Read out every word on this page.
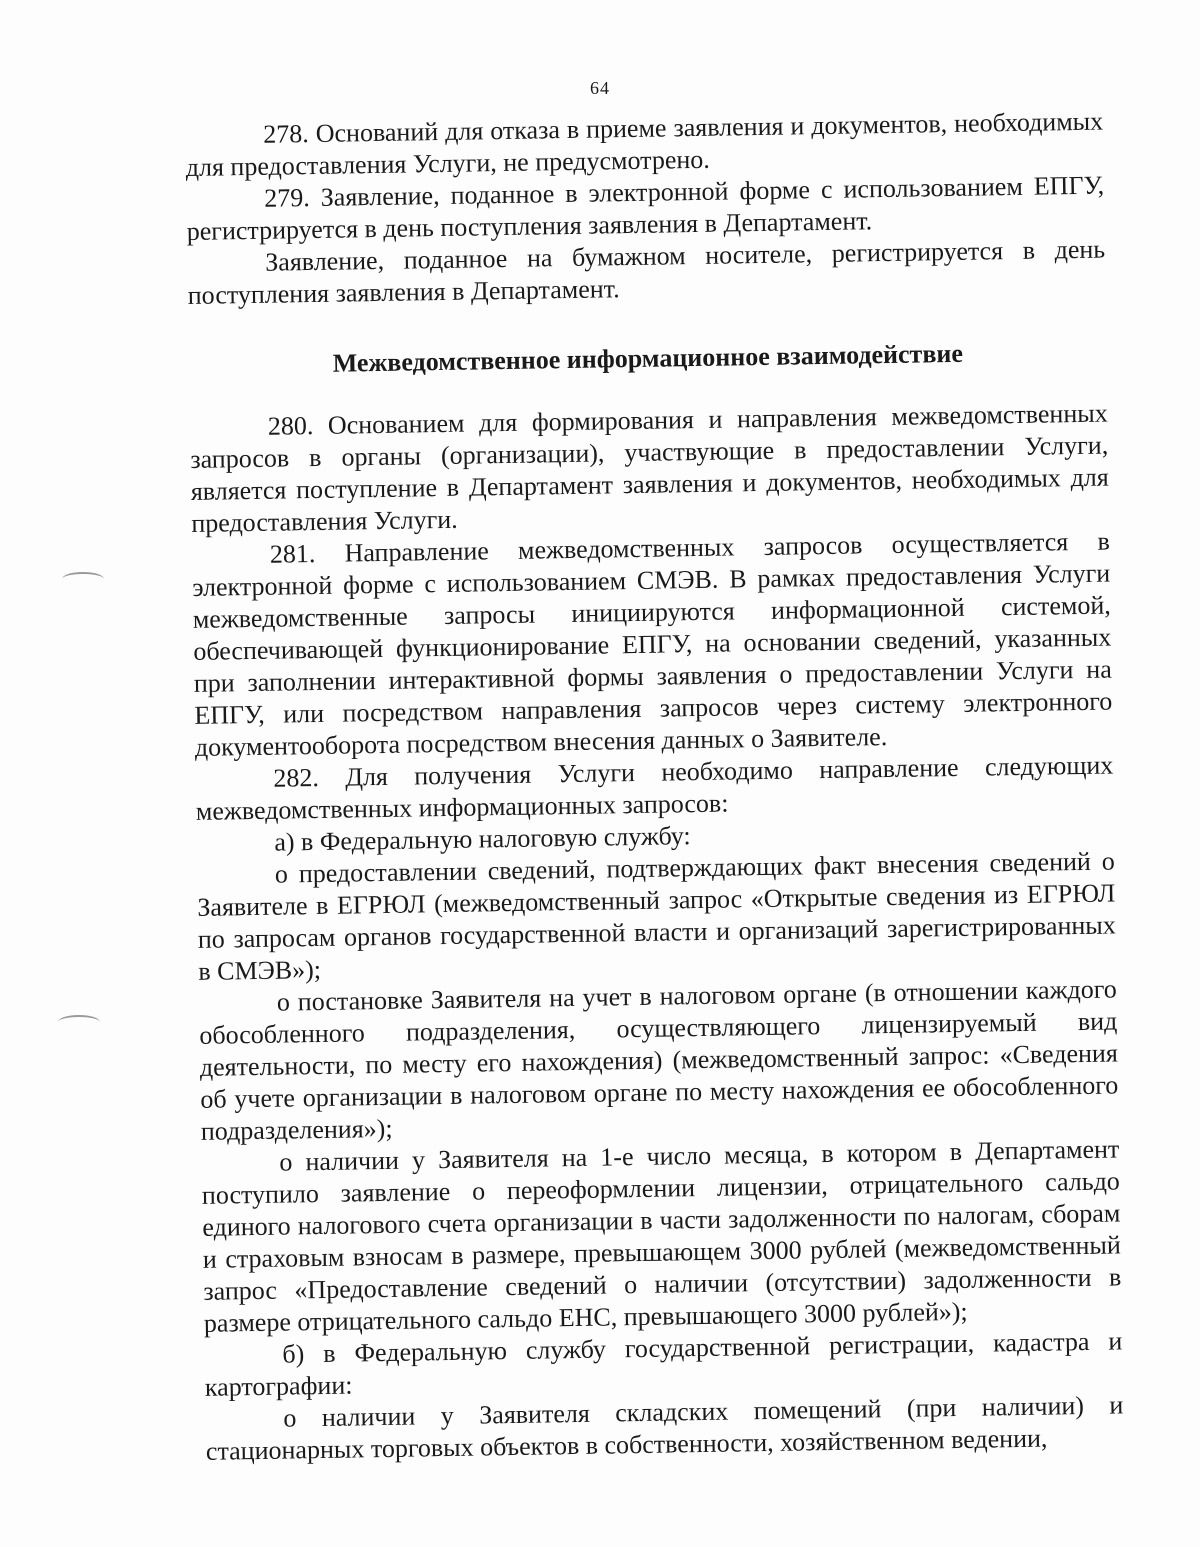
64

278. Оснований для отказа в приеме заявления и документов, необходимых для предоставления Услуги, не предусмотрено.

279. Заявление, поданное в электронной форме с использованием ЕПГУ, регистрируется в день поступления заявления в Департамент.

Заявление, поданное на бумажном носителе, регистрируется в день поступления заявления в Департамент.

Межведомственное информационное взаимодействие

280. Основанием для формирования и направления межведомственных запросов в органы (организации), участвующие в предоставлении Услуги, является поступление в Департамент заявления и документов, необходимых для предоставления Услуги.

281. Направление межведомственных запросов осуществляется в электронной форме с использованием СМЭВ. В рамках предоставления Услуги межведомственные запросы инициируются информационной системой, обеспечивающей функционирование ЕПГУ, на основании сведений, указанных при заполнении интерактивной формы заявления о предоставлении Услуги на ЕПГУ, или посредством направления запросов через систему электронного документооборота посредством внесения данных о Заявителе.

282. Для получения Услуги необходимо направление следующих межведомственных информационных запросов:

а) в Федеральную налоговую службу:

о предоставлении сведений, подтверждающих факт внесения сведений о Заявителе в ЕГРЮЛ (межведомственный запрос «Открытые сведения из ЕГРЮЛ по запросам органов государственной власти и организаций зарегистрированных в СМЭВ»);

о постановке Заявителя на учет в налоговом органе (в отношении каждого обособленного подразделения, осуществляющего лицензируемый вид деятельности, по месту его нахождения) (межведомственный запрос: «Сведения об учете организации в налоговом органе по месту нахождения ее обособленного подразделения»);

о наличии у Заявителя на 1-е число месяца, в котором в Департамент поступило заявление о переоформлении лицензии, отрицательного сальдо единого налогового счета организации в части задолженности по налогам, сборам и страховым взносам в размере, превышающем 3000 рублей (межведомственный запрос «Предоставление сведений о наличии (отсутствии) задолженности в размере отрицательного сальдо ЕНС, превышающего 3000 рублей»);

б) в Федеральную службу государственной регистрации, кадастра и картографии:

о наличии у Заявителя складских помещений (при наличии) и стационарных торговых объектов в собственности, хозяйственном ведении,
